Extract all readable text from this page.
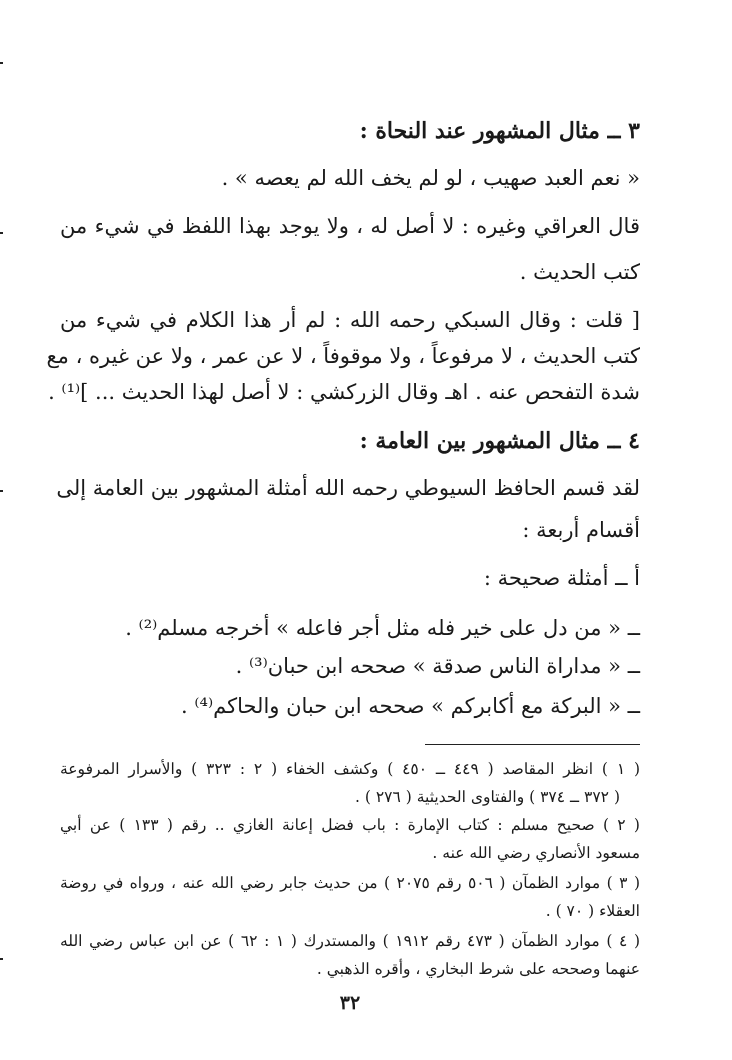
٣ ــ مثال المشهور عند النحاة :
« نعم العبد صهيب ، لو لم يخف الله لم يعصه » .
قال العراقي وغيره : لا أصل له ، ولا يوجد بهذا اللفظ في شيء من
كتب الحديث .
[ قلت : وقال السبكي رحمه الله : لم أر هذا الكلام في شيء من
كتب الحديث ، لا مرفوعاً ، ولا موقوفاً ، لا عن عمر ، ولا عن غيره ، مع
شدة التفحص عنه . اهـ وقال الزركشي : لا أصل لهذا الحديث ... ]⁽¹⁾ .
٤ ــ مثال المشهور بين العامة :
لقد قسم الحافظ السيوطي رحمه الله أمثلة المشهور بين العامة إلى
أقسام أربعة :
أ ــ أمثلة صحيحة :
ــ « من دل على خير فله مثل أجر فاعله » أخرجه مسلم⁽²⁾ .
ــ « مداراة الناس صدقة » صححه ابن حبان⁽³⁾ .
ــ « البركة مع أكابركم » صححه ابن حبان والحاكم⁽⁴⁾ .
( ١ ) انظر المقاصد ( ٤٤٩ ــ ٤٥٠ ) وكشف الخفاء ( ٢ : ٣٢٣ ) والأسرار المرفوعة
( ٣٧٢ ــ ٣٧٤ ) والفتاوى الحديثية ( ٢٧٦ ) .
( ٢ ) صحيح مسلم : كتاب الإمارة : باب فضل إعانة الغازي .. رقم ( ١٣٣ ) عن أبي
مسعود الأنصاري رضي الله عنه .
( ٣ ) موارد الظمآن ( ٥٠٦ رقم ٢٠٧٥ ) من حديث جابر رضي الله عنه ، ورواه في روضة
العقلاء ( ٧٠ ) .
( ٤ ) موارد الظمآن ( ٤٧٣ رقم ١٩١٢ ) والمستدرك ( ١ : ٦٢ ) عن ابن عباس رضي الله
عنهما وصححه على شرط البخاري ، وأقره الذهبي .
٣٢
